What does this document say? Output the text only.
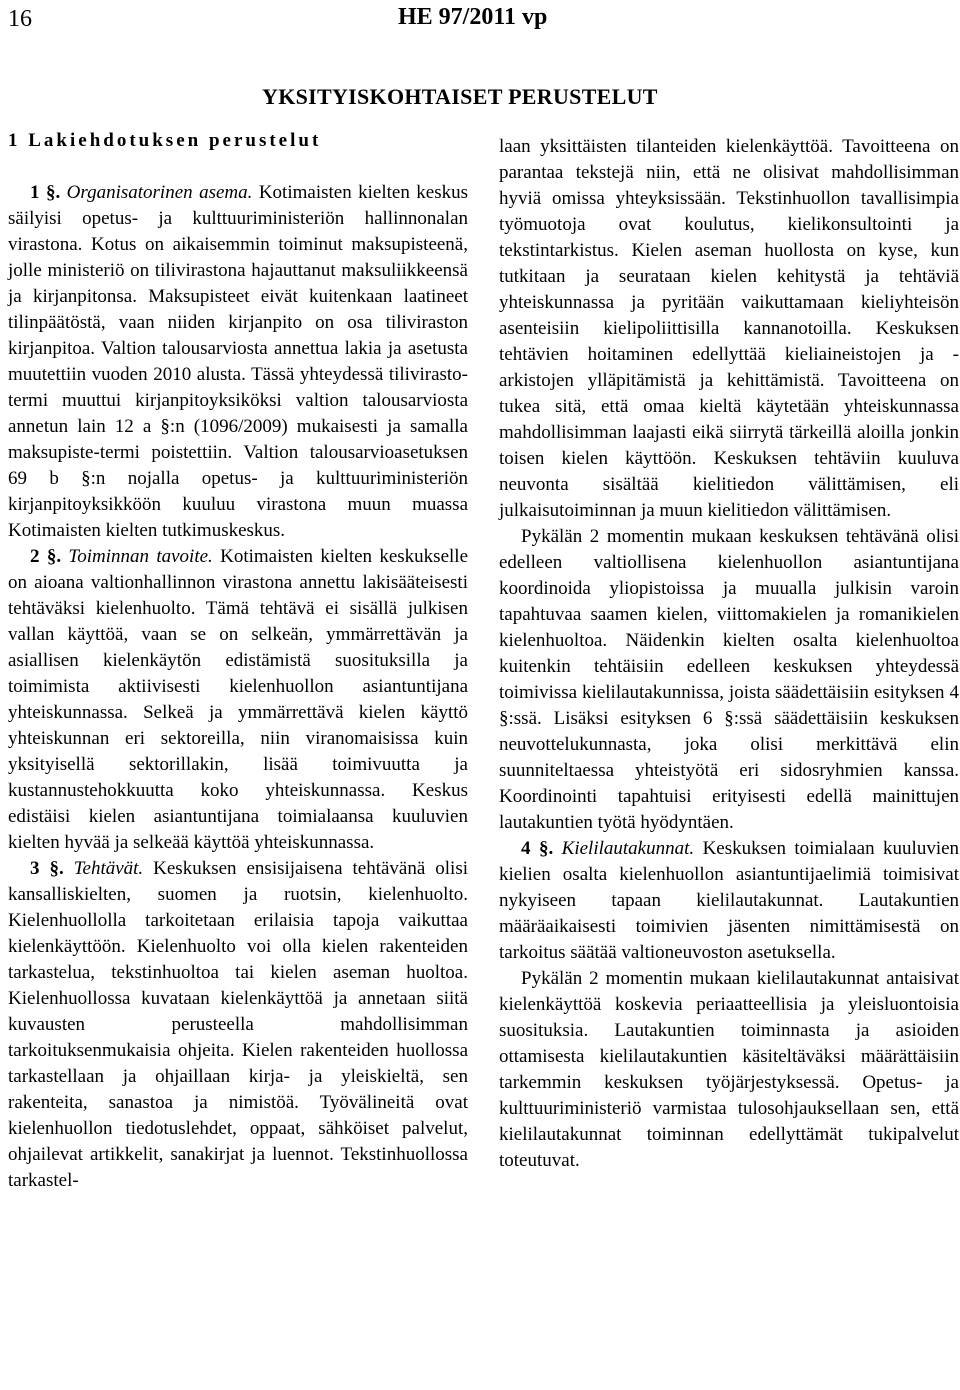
16	HE 97/2011 vp
YKSITYISKOHTAISET PERUSTELUT

1 Lakiehdotuksen perustelut

1 §. Organisatorinen asema. Kotimaisten kielten keskus säilyisi opetus- ja kulttuuriministeriön hallinnonalan virastona. Kotus on aikaisemmin toiminut maksupisteenä, jolle ministeriö on tilivirastona hajauttanut maksuliikkeensä ja kirjanpitonsa. Maksupisteet eivät kuitenkaan laatineet tilinpäätöstä, vaan niiden kirjanpito on osa tiliviraston kirjanpitoa. Valtion talousarviosta annettua lakia ja asetusta muutettiin vuoden 2010 alusta. Tässä yhteydessä tilivirasto-termi muuttui kirjanpitoyksiköksi valtion talousarviosta annetun lain 12 a §:n (1096/2009) mukaisesti ja samalla maksupiste-termi poistettiin. Valtion talousarvioasetuksen 69 b §:n nojalla opetus- ja kulttuuriministeriön kirjanpitoyksikköön kuuluu virastona muun muassa Kotimaisten kielten tutkimuskeskus.

2 §. Toiminnan tavoite. Kotimaisten kielten keskukselle on aioana valtionhallinnon virastona annettu lakisääteisesti tehtäväksi kielenhuolto. Tämä tehtävä ei sisällä julkisen vallan käyttöä, vaan se on selkeän, ymmärrettävän ja asiallisen kielenkäytön edistämistä suosituksilla ja toimimista aktiivisesti kielenhuollon asiantuntijana yhteiskunnassa. Selkeä ja ymmärrettävä kielen käyttö yhteiskunnan eri sektoreilla, niin viranomaisissa kuin yksityisellä sektorillakin, lisää toimivuutta ja kustannustehokkuutta koko yhteiskunnassa. Keskus edistäisi kielen asiantuntijana toimialaansa kuuluvien kielten hyvää ja selkeää käyttöä yhteiskunnassa.

3 §. Tehtävät. Keskuksen ensisijaisena tehtävänä olisi kansalliskielten, suomen ja ruotsin, kielenhuolto. Kielenhuollolla tarkoitetaan erilaisia tapoja vaikuttaa kielenkäyttöön. Kielenhuolto voi olla kielen rakenteiden tarkastelua, tekstinhuoltoa tai kielen aseman huoltoa. Kielenhuollossa kuvataan kielenkäyttöä ja annetaan siitä kuvausten perusteella mahdollisimman tarkoituksenmukaisia ohjeita. Kielen rakenteiden huollossa tarkastellaan ja ohjaillaan kirja- ja yleiskieltä, sen rakenteita, sanastoa ja nimistöä. Työvälineitä ovat kielenhuollon tiedotuslehdet, oppaat, sähköiset palvelut, ohjailevat artikkelit, sanakirjat ja luennot. Tekstinhuollossa tarkastel-

laan yksittäisten tilanteiden kielenkäyttöä. Tavoitteena on parantaa tekstejä niin, että ne olisivat mahdollisimman hyviä omissa yhteyksissään. Tekstinhuollon tavallisimpia työmuotoja ovat koulutus, kielikonsultointi ja tekstintarkistus. Kielen aseman huollosta on kyse, kun tutkitaan ja seurataan kielen kehitystä ja tehtäviä yhteiskunnassa ja pyritään vaikuttamaan kieliyhteisön asenteisiin kielipoliittisilla kannanotoilla. Keskuksen tehtävien hoitaminen edellyttää kieliaineistojen ja -arkistojen ylläpitämistä ja kehittämistä. Tavoitteena on tukea sitä, että omaa kieltä käytetään yhteiskunnassa mahdollisimman laajasti eikä siirrytä tärkeillä aloilla jonkin toisen kielen käyttöön. Keskuksen tehtäviin kuuluva neuvonta sisältää kielitiedon välittämisen, eli julkaisutoiminnan ja muun kielitiedon välittämisen.

Pykälän 2 momentin mukaan keskuksen tehtävänä olisi edelleen valtiollisena kielenhuollon asiantuntijana koordinoida yliopistoissa ja muualla julkisin varoin tapahtuvaa saamen kielen, viittomakielen ja romanikielen kielenhuoltoa. Näidenkin kielten osalta kielenhuoltoa kuitenkin tehtäisiin edelleen keskuksen yhteydessä toimivissa kielilautakunnissa, joista säädettäisiin esityksen 4 §:ssä. Lisäksi esityksen 6 §:ssä säädettäisiin keskuksen neuvottelukunnasta, joka olisi merkittävä elin suunniteltaessa yhteistyötä eri sidosryhmien kanssa. Koordinointi tapahtuisi erityisesti edellä mainittujen lautakuntien työtä hyödyntäen.

4 §. Kielilautakunnat. Keskuksen toimialaan kuuluvien kielien osalta kielenhuollon asiantuntijaelimiä toimisivat nykyiseen tapaan kielilautakunnat. Lautakuntien määräaikaisesti toimivien jäsenten nimittämisestä on tarkoitus säätää valtioneuvoston asetuksella.

Pykälän 2 momentin mukaan kielilautakunnat antaisivat kielenkäyttöä koskevia periaatteellisia ja yleisluontoisia suosituksia. Lautakuntien toiminnasta ja asioiden ottamisesta kielilautakuntien käsiteltäväksi määrättäisiin tarkemmin keskuksen työjärjestyksessä. Opetus- ja kulttuuriministeriö varmistaa tulosohjauksellaan sen, että kielilautakunnat toiminnan edellyttämät tukipalvelut toteutuvat.
